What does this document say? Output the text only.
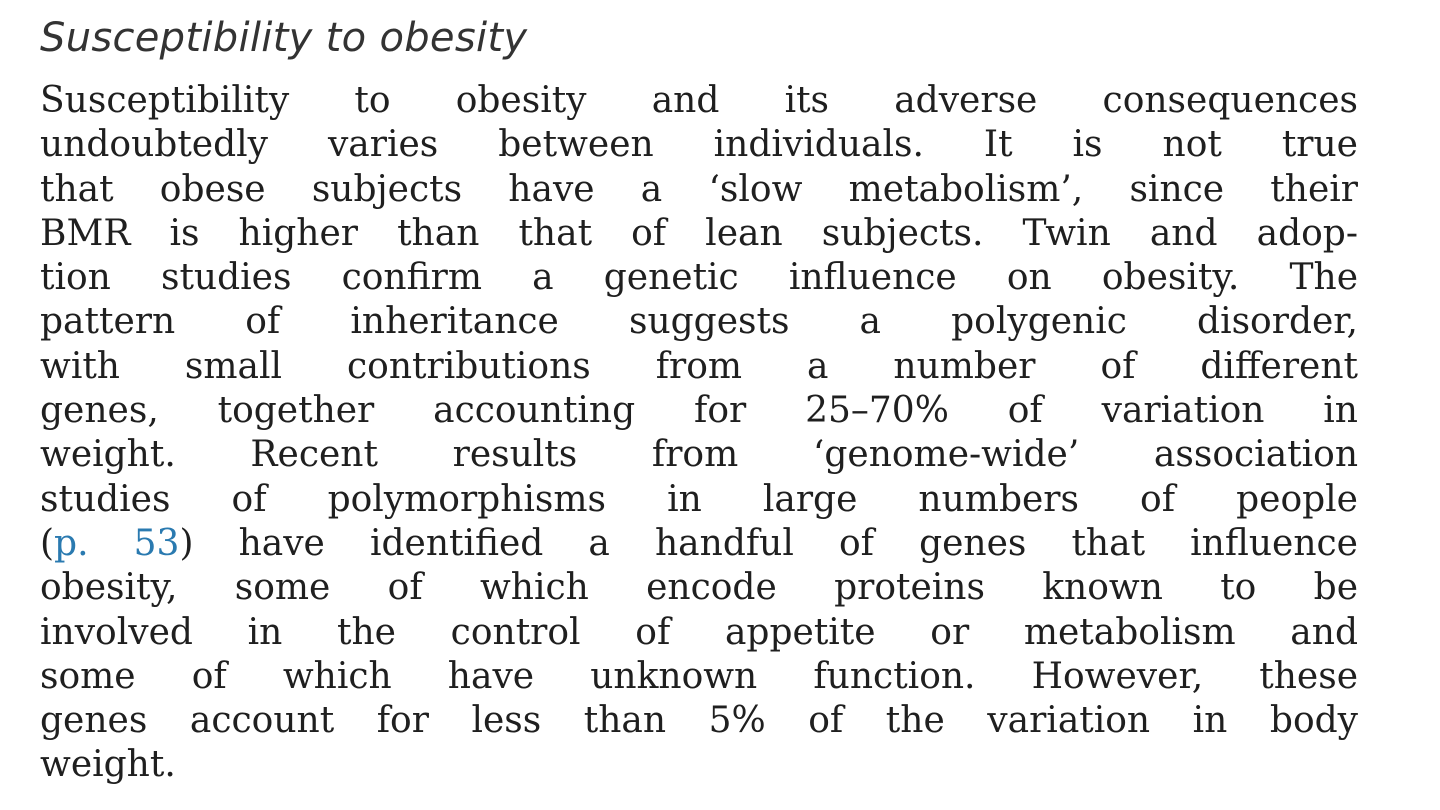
Susceptibility to obesity
Susceptibility to obesity and its adverse consequences
undoubtedly varies between individuals. It is not true
that obese subjects have a ‘slow metabolism’, since their
BMR is higher than that of lean subjects. Twin and adop-
tion studies confirm a genetic influence on obesity. The
pattern of inheritance suggests a polygenic disorder,
with small contributions from a number of different
genes, together accounting for 25–70% of variation in
weight. Recent results from ‘genome-wide’ association
studies of polymorphisms in large numbers of people
(p. 53) have identified a handful of genes that influence
obesity, some of which encode proteins known to be
involved in the control of appetite or metabolism and
some of which have unknown function. However, these
genes account for less than 5% of the variation in body
weight.
